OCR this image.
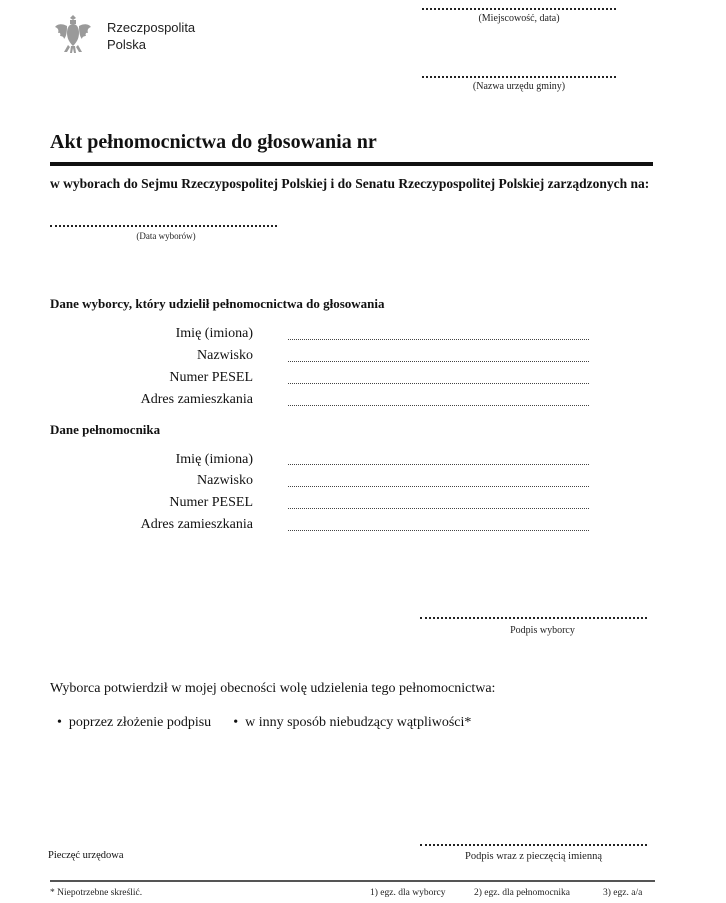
Rzeczpospolita
Polska
(Miejscowość, data)
(Nazwa urzędu gminy)
Akt pełnomocnictwa do głosowania nr
w wyborach do Sejmu Rzeczypospolitej Polskiej i do Senatu Rzeczypospolitej Polskiej zarządzonych na:
(Data wyborów)
Dane wyborcy, który udzielił pełnomocnictwa do głosowania
Imię (imiona)
Nazwisko
Numer PESEL
Adres zamieszkania
Dane pełnomocnika
Imię (imiona)
Nazwisko
Numer PESEL
Adres zamieszkania
Podpis wyborcy
Wyborca potwierdził w mojej obecności wolę udzielenia tego pełnomocnictwa:

•  poprzez złożenie podpisu •  w inny sposób niebudzący wątpliwości*

Pieczęć urzędowa	Podpis wraz z pieczęcią imienną
* Niepotrzebne skreślić.	1) egz. dla wyborcy	2) egz. dla pełnomocnika	3) egz. a/a
